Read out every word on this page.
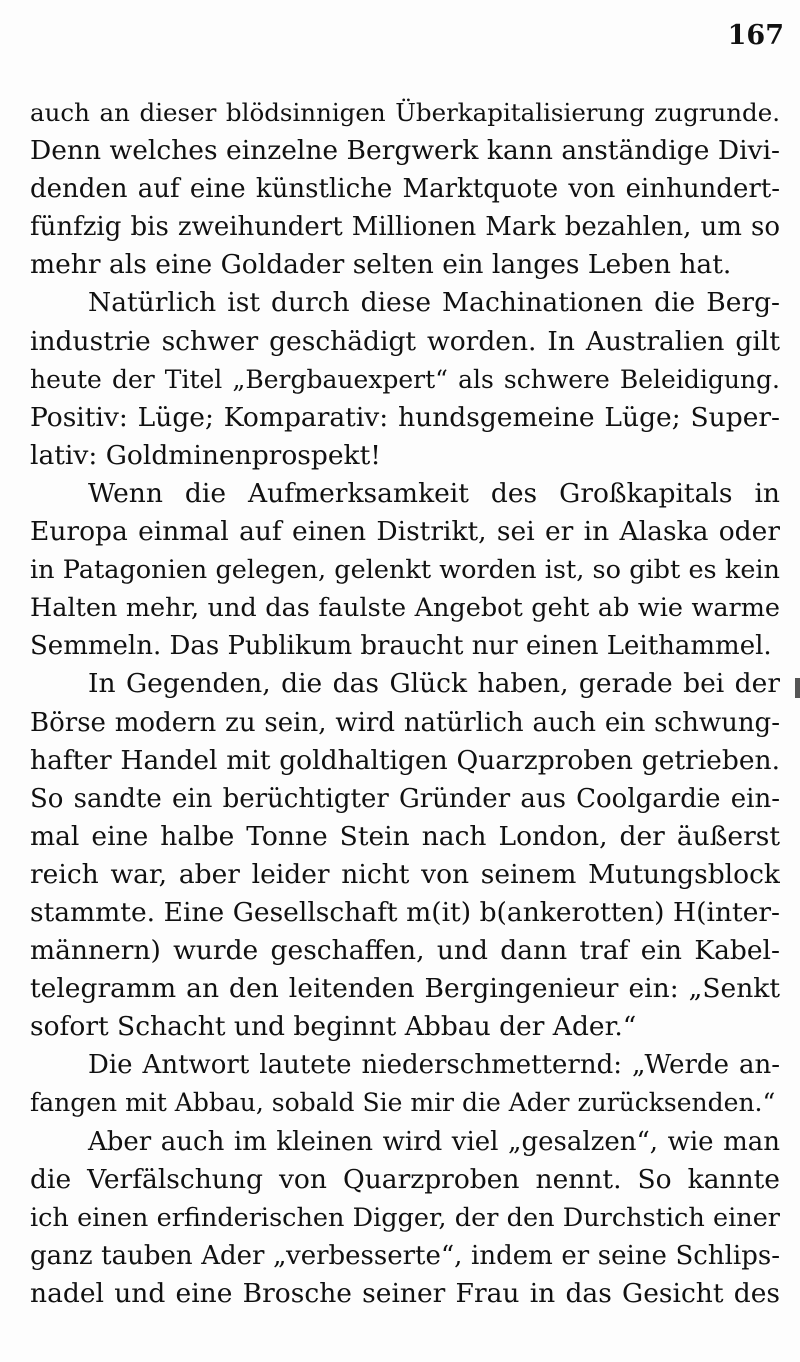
167
auch an dieser blödsinnigen Überkapitalisierung zugrunde.
Denn welches einzelne Bergwerk kann anständige Divi-
denden auf eine künstliche Marktquote von einhundert-
fünfzig bis zweihundert Millionen Mark bezahlen, um so
mehr als eine Goldader selten ein langes Leben hat.
Natürlich ist durch diese Machinationen die Berg-
industrie schwer geschädigt worden. In Australien gilt
heute der Titel „Bergbauexpert“ als schwere Beleidigung.
Positiv: Lüge; Komparativ: hundsgemeine Lüge; Super-
lativ: Goldminenprospekt!
Wenn die Aufmerksamkeit des Großkapitals in
Europa einmal auf einen Distrikt, sei er in Alaska oder
in Patagonien gelegen, gelenkt worden ist, so gibt es kein
Halten mehr, und das faulste Angebot geht ab wie warme
Semmeln. Das Publikum braucht nur einen Leithammel.
In Gegenden, die das Glück haben, gerade bei der
Börse modern zu sein, wird natürlich auch ein schwung-
hafter Handel mit goldhaltigen Quarzproben getrieben.
So sandte ein berüchtigter Gründer aus Coolgardie ein-
mal eine halbe Tonne Stein nach London, der äußerst
reich war, aber leider nicht von seinem Mutungsblock
stammte. Eine Gesellschaft m(it) b(ankerotten) H(inter-
männern) wurde geschaffen, und dann traf ein Kabel-
telegramm an den leitenden Bergingenieur ein: „Senkt
sofort Schacht und beginnt Abbau der Ader.“
Die Antwort lautete niederschmetternd: „Werde an-
fangen mit Abbau, sobald Sie mir die Ader zurücksenden.“
Aber auch im kleinen wird viel „gesalzen“, wie man
die Verfälschung von Quarzproben nennt. So kannte
ich einen erfinderischen Digger, der den Durchstich einer
ganz tauben Ader „verbesserte“, indem er seine Schlips-
nadel und eine Brosche seiner Frau in das Gesicht des
